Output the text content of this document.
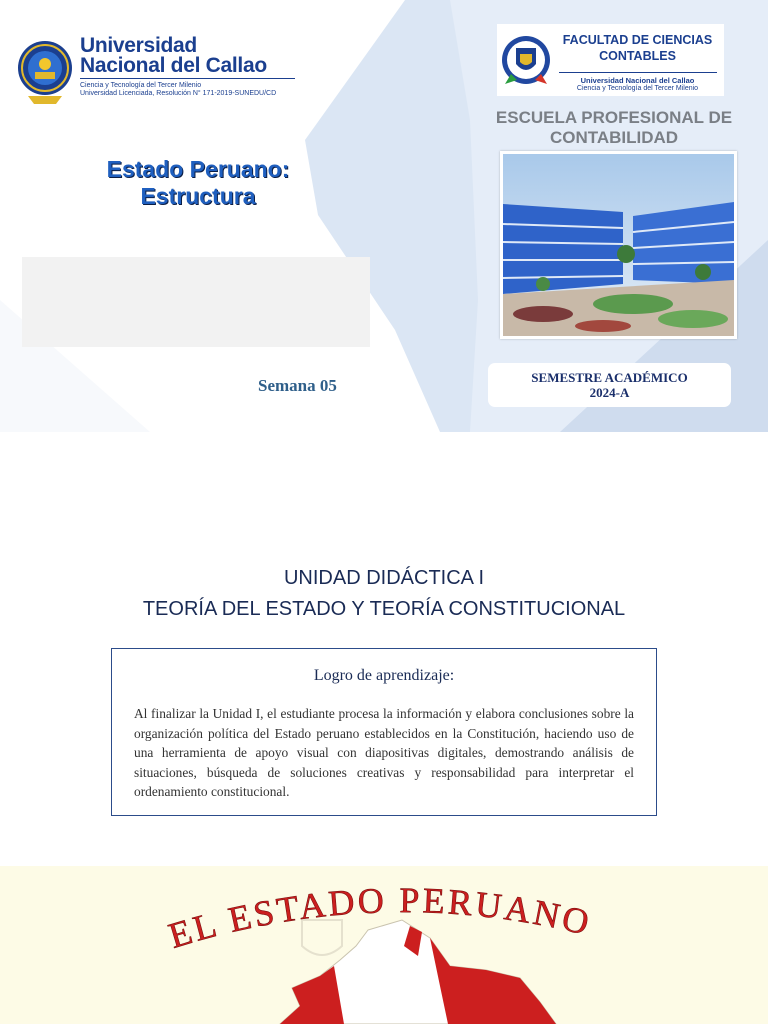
Universidad
Nacional del Callao
Ciencia y Tecnología del Tercer Milenio
Universidad Licenciada, Resolución N° 171-2019-SUNEDU/CD
FACULTAD DE CIENCIAS
CONTABLES
Universidad Nacional del Callao
Ciencia y Tecnología del Tercer Milenio
ESCUELA PROFESIONAL DE
CONTABILIDAD
Estado Peruano:
Estructura
Semana 05	SEMESTRE ACADÉMICO
2024-A
UNIDAD DIDÁCTICA I
TEORÍA DEL ESTADO Y TEORÍA CONSTITUCIONAL
Logro de aprendizaje:
Al finalizar la Unidad I, el estudiante procesa la información y elabora conclusiones sobre la organización política del Estado peruano establecidos en la Constitución, haciendo uso de una herramienta de apoyo visual con diapositivas digitales, demostrando análisis de situaciones, búsqueda de soluciones creativas y responsabilidad para interpretar el ordenamiento constitucional.
EL ESTADO PERUANO
